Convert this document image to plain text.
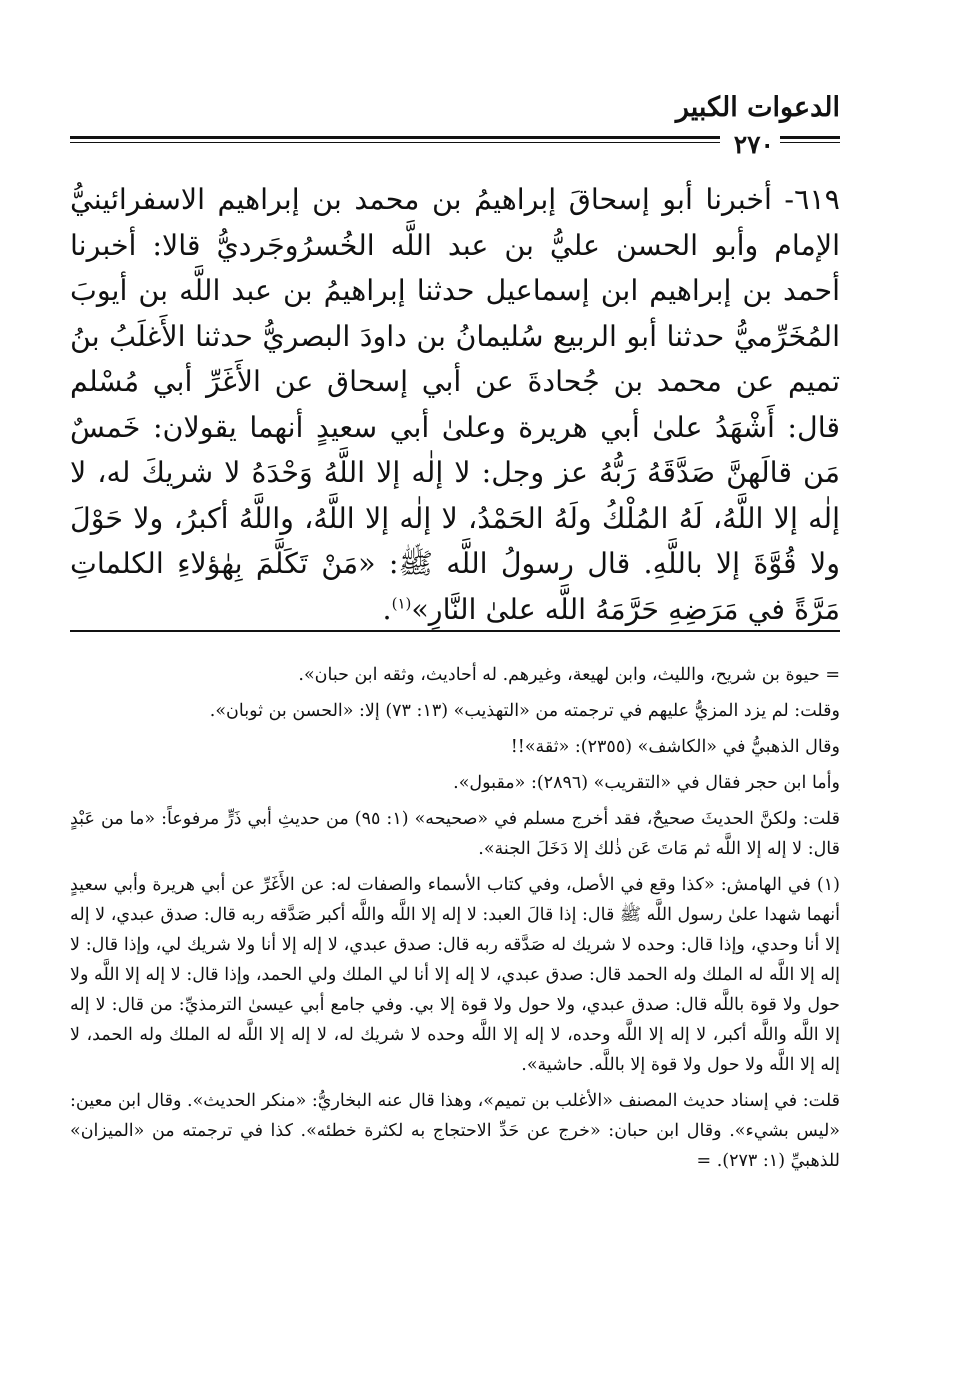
الدعوات الكبير
٢٧٠
٦١٩- أخبرنا أبو إسحاقَ إبراهيمُ بن محمد بن إبراهيم الاسفرائينيُّ الإمام وأبو الحسن عليُّ بن عبد اللَّه الخُسرُوجَرديُّ قالا: أخبرنا أحمد بن إبراهيم ابن إسماعيل حدثنا إبراهيمُ بن عبد اللَّه بن أيوبَ المُخَرِّميُّ حدثنا أبو الربيع سُليمانُ بن داودَ البصريُّ حدثنا الأَغلَبُ بنُ تميم عن محمد بن جُحادةَ عن أبي إسحاق عن الأَغَرِّ أبي مُسْلم قال: أَشْهَدُ علىٰ أبي هريرة وعلىٰ أبي سعيدٍ أنهما يقولان: خَمسٌ مَن قالَهنَّ صَدَّقَهُ رَبُّهُ عز وجل: لا إلٰه إلا اللَّهُ وَحْدَهُ لا شريكَ له، لا إلٰه إلا اللَّهُ، لَهُ المُلْكُ ولَهُ الحَمْدُ، لا إلٰه إلا اللَّهُ، واللَّهُ أكبرُ، ولا حَوْلَ ولا قُوَّةَ إلا باللَّهِ. قال رسولُ اللَّه ﷺ: «مَنْ تَكَلَّمَ بِهٰؤلاءِ الكلماتِ مَرَّةً في مَرَضِهِ حَرَّمَهُ اللَّه علىٰ النَّارِ»$^{(١)}$.

= حيوة بن شريح، والليث، وابن لهيعة، وغيرهم. له أحاديث، وثقه ابن حبان».

وقلت: لم يزد المزيُّ عليهم في ترجمته من «التهذيب» (١٣: ٧٣) إلا: «الحسن بن ثوبان».

وقال الذهبيُّ في «الكاشف» (٢٣٥٥): «ثقة»!!

وأما ابن حجر فقال في «التقريب» (٢٨٩٦): «مقبول».

قلت: ولكنَّ الحديثَ صحيحٌ، فقد أخرج مسلم في «صحيحه» (١: ٩٥) من حديثِ أبي ذَرٍّ مرفوعاً: «ما من عَبْدٍ قال: لا إله إلا اللَّه ثم مَاتَ عَن ذٰلك إلا دَخَلَ الجنة».

(١) في الهامش: «كذا وقع في الأصل، وفي كتاب الأسماء والصفات له: عن الأَغَرِّ عن أبي هريرة وأبي سعيدٍ أنهما شهدا علىٰ رسول اللَّه ﷺ قال: إذا قالَ العبد: لا إله إلا اللَّه واللَّه أكبر صَدَّقه ربه قال: صدق عبدي، لا إله إلا أنا وحدي، وإذا قال: وحده لا شريك له صَدَّقه ربه قال: صدق عبدي، لا إله إلا أنا ولا شريك لي، وإذا قال: لا إله إلا اللَّه له الملك وله الحمد قال: صدق عبدي، لا إله إلا أنا لي الملك ولي الحمد، وإذا قال: لا إله إلا اللَّه ولا حول ولا قوة باللَّه قال: صدق عبدي، ولا حول ولا قوة إلا بي. وفي جامع أبي عيسىٰ الترمذيِّ: من قال: لا إله إلا اللَّه واللَّه أكبر، لا إله إلا اللَّه وحده، لا إله إلا اللَّه وحده لا شريك له، لا إله إلا اللَّه له الملك وله الحمد، لا إله إلا اللَّه ولا حول ولا قوة إلا باللَّه. حاشية».

قلت: في إسناد حديث المصنف «الأغلب بن تميم»، وهذا قال عنه البخاريُّ: «منكر الحديث». وقال ابن معين: «ليس بشيء». وقال ابن حبان: «خرج عن حَدِّ الاحتجاج به لكثرة خطئه». كذا في ترجمته من «الميزان» للذهبيِّ (١: ٢٧٣). =
